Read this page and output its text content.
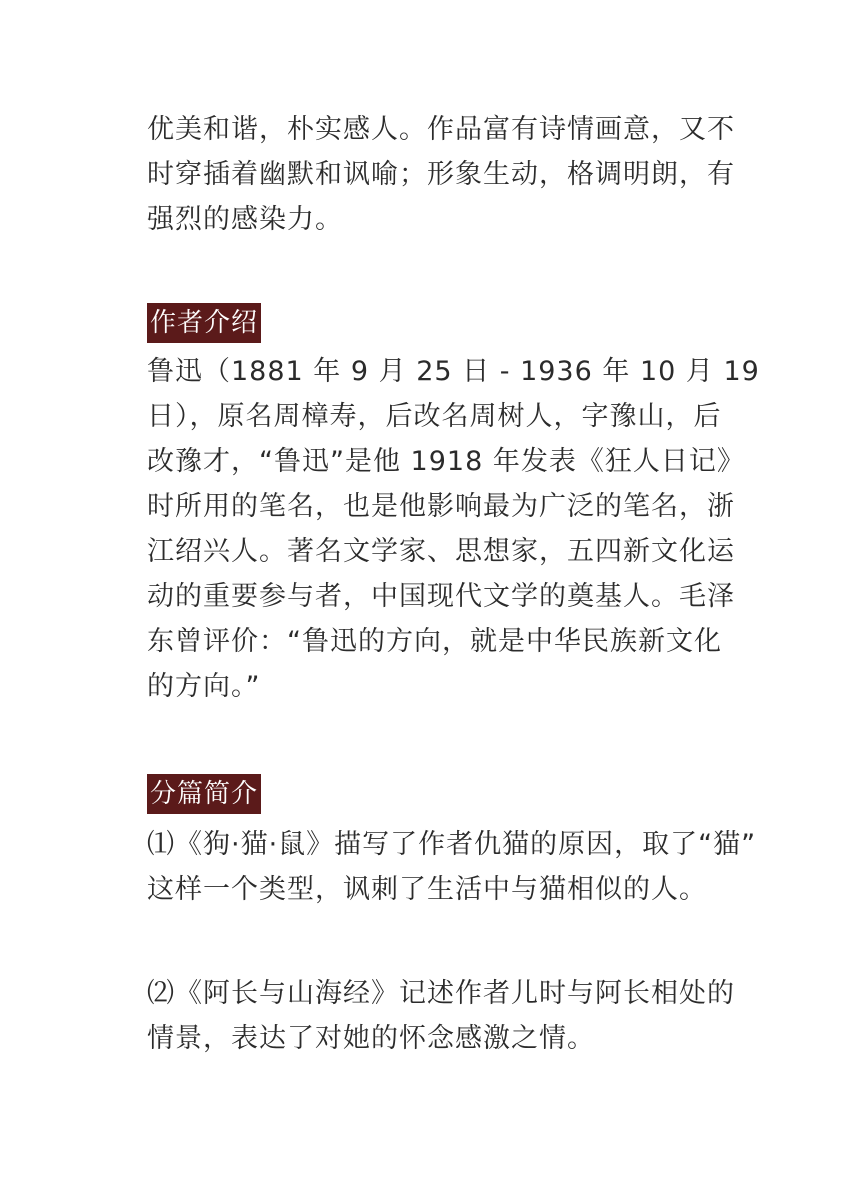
优美和谐，朴实感人。作品富有诗情画意，又不
时穿插着幽默和讽喻；形象生动，格调明朗，有
强烈的感染力。

作者介绍

鲁迅（1881 年 9 月 25 日 - 1936 年 10 月 19
日），原名周樟寿，后改名周树人，字豫山，后
改豫才，“鲁迅”是他 1918 年发表《狂人日记》
时所用的笔名，也是他影响最为广泛的笔名，浙
江绍兴人。著名文学家、思想家，五四新文化运
动的重要参与者，中国现代文学的奠基人。毛泽
东曾评价：“鲁迅的方向，就是中华民族新文化
的方向。”

分篇简介

⑴《狗·猫·鼠》描写了作者仇猫的原因，取了“猫”
这样一个类型，讽刺了生活中与猫相似的人。

⑵《阿长与山海经》记述作者儿时与阿长相处的
情景，表达了对她的怀念感激之情。
